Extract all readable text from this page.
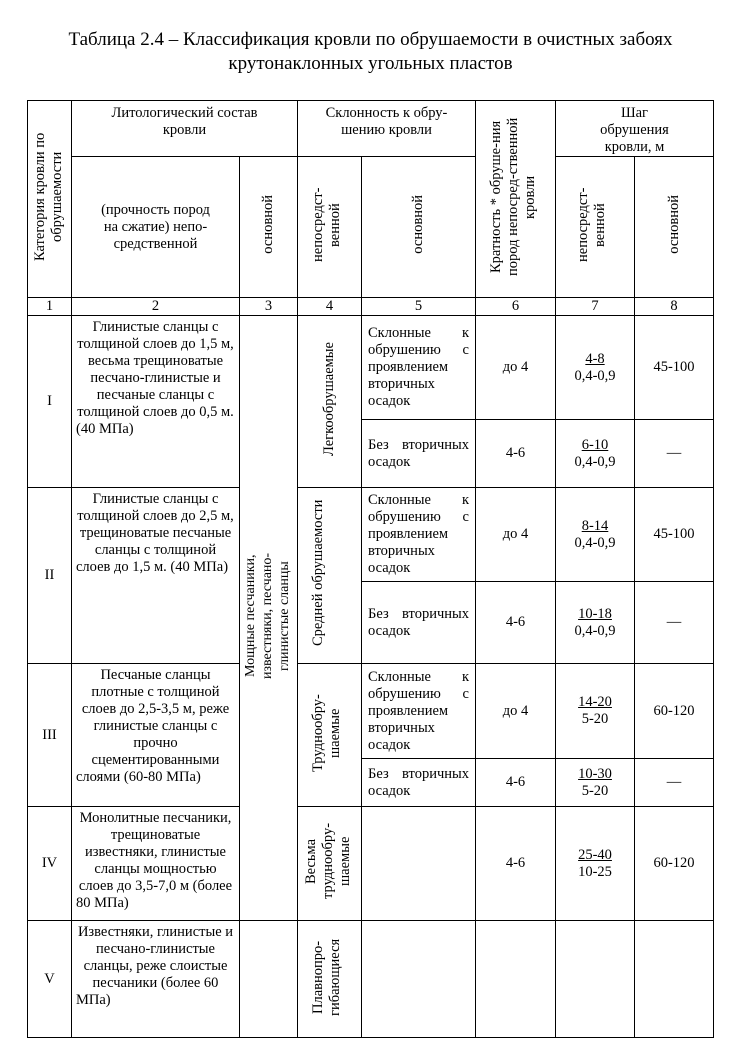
Таблица 2.4 – Классификация кровли по обрушаемости в очистных забоях
крутонаклонных угольных пластов
Категория кровли по обрушаемости	Литологический состав кровли		Склонность к обру-шению кровли		Кратность * обруше-ния пород непосред-ственной кровли	Шаг обрушения кровли, м	
	(прочность пород на сжатие) непо-средственной	основной	непосредст-венной	основной		непосредст-венной	основной
1	2	3	4	5	6	7	8
I	Глинистые сланцы с толщиной слоев до 1,5 м, весьма трещиноватые песчано-глинистые и песчаные сланцы с толщиной слоев до 0,5 м. (40 МПа)	Мощные песчаники, известняки, песчано-глинистые сланцы	Легкообрушаемые	Склонные к обрушению с проявлением вторичных осадок	до 4	$\frac{4-8}{0,4-0,9}$	45-100

				Без вторичных осадок	4-6	$\frac{6-10}{0,4-0,9}$	—
II	Глинистые сланцы с толщиной слоев до 2,5 м, трещиноватые песчаные сланцы с толщиной слоев до 1,5 м. (40 МПа)		Средней обрушаемости	Склонные к обрушению с проявлением вторичных осадок	до 4	$\frac{8-14}{0,4-0,9}$	45-100

				Без вторичных осадок	4-6	$\frac{10-18}{0,4-0,9}$	—
III	Песчаные сланцы плотные с толщиной слоев до 2,5-3,5 м, реже глинистые сланцы с прочно сцементированными слоями (60-80 МПа)		Труднообрушаемые	Склонные к обрушению с проявлением вторичных осадок	до 4	$\frac{14-20}{5-20}$	60-120

				Без вторичных осадок	4-6	$\frac{10-30}{5-20}$	—
IV	Монолитные песчаники, трещиноватые известняки, глинистые сланцы мощностью слоев до 3,5-7,0 м (более 80 МПа)		Весьма труднообрушаемые		4-6	$\frac{25-40}{10-25}$	60-120
V	Известняки, глинистые и песчано-глинистые сланцы, реже слоистые песчаники (более 60 МПа)		Плавнопрогибающиеся			
